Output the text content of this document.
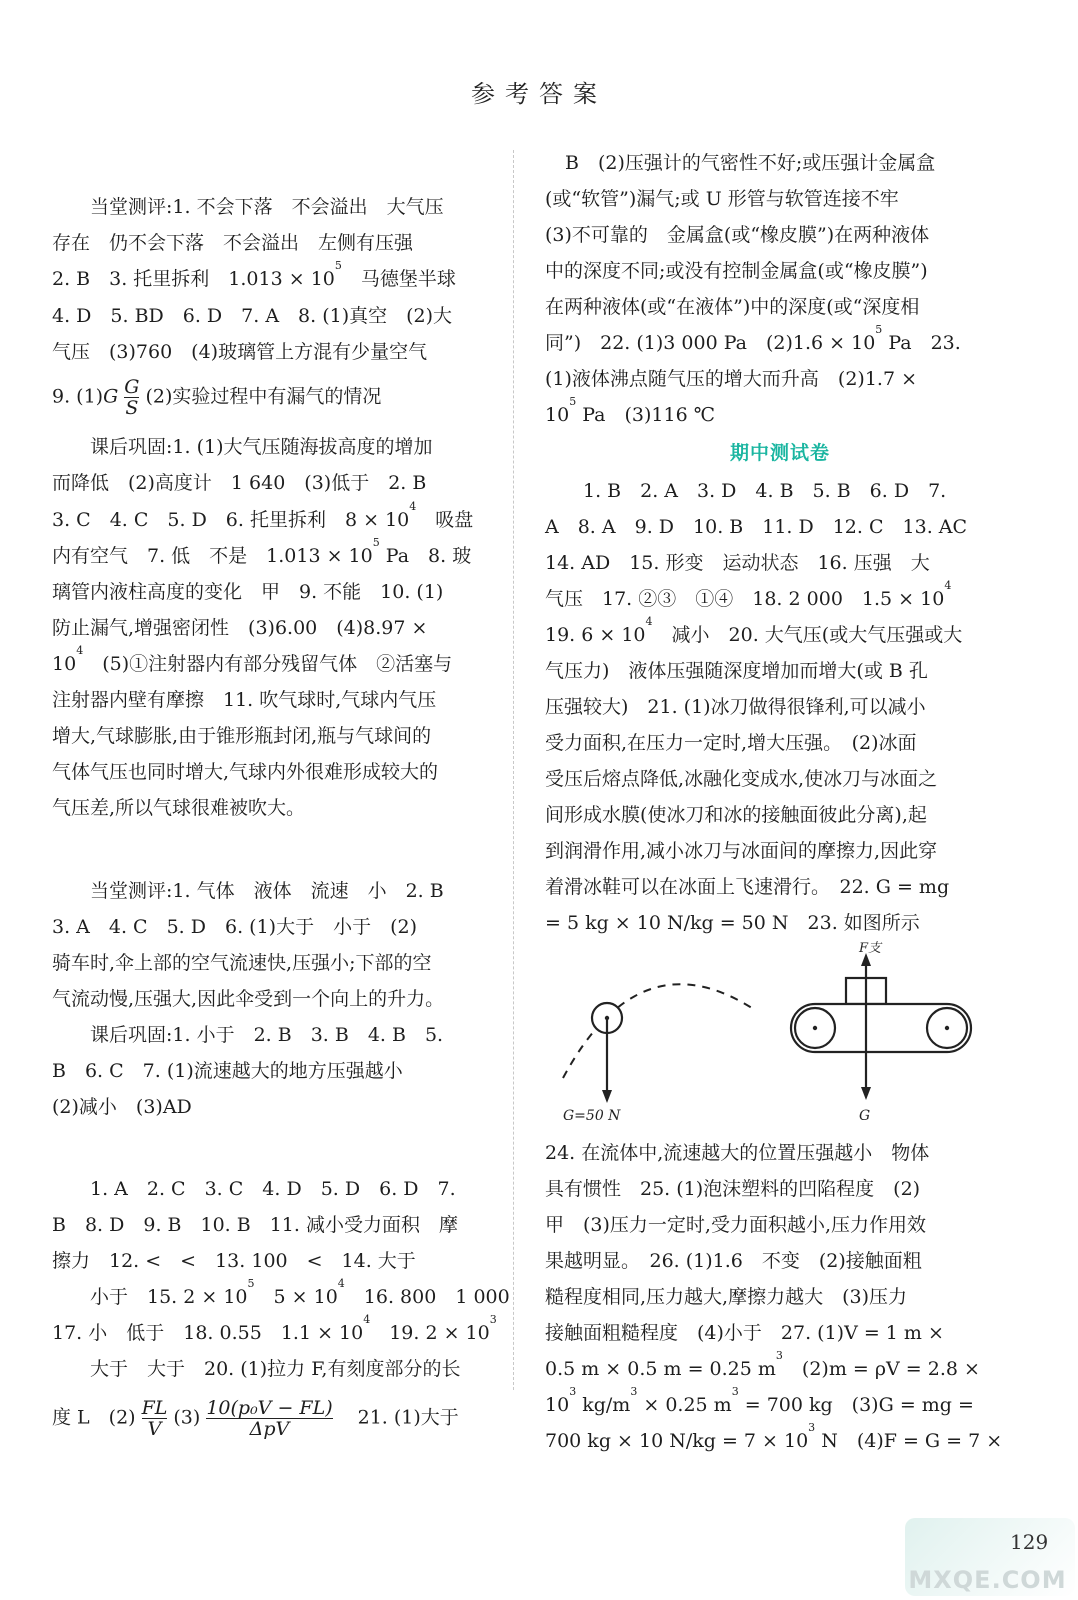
参考答案
当堂测评:1. 不会下落　不会溢出　大气压
存在　仍不会下落　不会溢出　左侧有压强
2. B　3. 托里拆利　$1.013 \times 10^5$　马德堡半球
4. D　5. BD　6. D　7. A　8. (1)真空　(2)大
气压　(3)760　(4)玻璃管上方混有少量空气
9. $(1)G \frac{G}{S} (2)$实验过程中有漏气的情况
课后巩固:1. (1)大气压随海拔高度的增加
而降低　(2)高度计　1 640　(3)低于　2. B
3. C　4. C　5. D　6. 托里拆利　$8 \times 10^4$　吸盘
内有空气　7. 低　不是　$1.013 \times 10^5$ Pa　8. 玻
璃管内液柱高度的变化　甲　9. 不能　10. (1)
防止漏气,增强密闭性　(3)6.00　(4)8.97 ×
$10^4$　(5)①注射器内有部分残留气体　②活塞与
注射器内壁有摩擦　11. 吹气球时,气球内气压
增大,气球膨胀,由于锥形瓶封闭,瓶与气球间的
气体气压也同时增大,气球内外很难形成较大的
气压差,所以气球很难被吹大。
当堂测评:1. 气体　液体　流速　小　2. B
3. A　4. C　5. D　6. (1)大于　小于　(2)
骑车时,伞上部的空气流速快,压强小;下部的空
气流动慢,压强大,因此伞受到一个向上的升力。
课后巩固:1. 小于　2. B　3. B　4. B　5.
B　6. C　7. (1)流速越大的地方压强越小
(2)减小　(3)AD
1. A　2. C　3. C　4. D　5. D　6. D　7.
B　8. D　9. B　10. B　11. 减小受力面积　摩
擦力　12. <　<　13. 100　<　14. 大于
小于　15. $2 \times 10^5$　$5 \times 10^4$　16. 800　1 000
17. 小　低于　18. 0.55　$1.1 \times 10^4$　19. $2 \times 10^3$
大于　大于　20. (1)拉力 F,有刻度部分的长
度 L　$(2) \frac{FL}{V} (3) \frac{\text{10(p₀V − FL)}}{\text{ΔpV}}$ 　21. (1)大于
B　(2)压强计的气密性不好;或压强计金属盒
(或“软管”)漏气;或 U 形管与软管连接不牢
(3)不可靠的　金属盒(或“橡皮膜”)在两种液体
中的深度不同;或没有控制金属盒(或“橡皮膜”)
在两种液体(或“在液体”)中的深度(或“深度相
同”)　22. (1)3 000 Pa　$(2)1.6 \times 10^5$ Pa　23.
(1)液体沸点随气压的增大而升高　(2)1.7 ×
$10^5$ Pa　(3)116 ℃
期中测试卷
1. B　2. A　3. D　4. B　5. B　6. D　7.
A　8. A　9. D　10. B　11. D　12. C　13. AC
14. AD　15. 形变　运动状态　16. 压强　大
气压　17. ②③　①④　18. 2 000　$1.5 \times 10^4$
19. $6 \times 10^4$　减小　20. 大气压(或大气压强或大
气压力)　液体压强随深度增加而增大(或 B 孔
压强较大)　21. (1)冰刀做得很锋利,可以减小
受力面积,在压力一定时,增大压强。　(2)冰面
受压后熔点降低,冰融化变成水,使冰刀与冰面之
间形成水膜(使冰刀和冰的接触面彼此分离),起
到润滑作用,减小冰刀与冰面间的摩擦力,因此穿
着滑冰鞋可以在冰面上飞速滑行。　22. G = mg
= 5 kg × 10 N/kg = 50 N　23. 如图所示
G=50 N
F支
G
24. 在流体中,流速越大的位置压强越小　物体
具有惯性　25. (1)泡沫塑料的凹陷程度　(2)
甲　(3)压力一定时,受力面积越小,压力作用效
果越明显。　26. (1)1.6　不变　(2)接触面粗
糙程度相同,压力越大,摩擦力越大　(3)压力
接触面粗糙程度　(4)小于　27. (1)V = 1 m ×
0.5 m × 0.5 m = 0.25 $m^3$　(2)m = ρV = 2.8 ×
$10^3$ $kg/m^3 \times 0.25$ $m^3 = 700$ kg　(3)G = mg =
700 kg × 10 $N/kg = 7 \times 10^3$ N　(4)F = G = 7 ×
129
MXQE.COM
